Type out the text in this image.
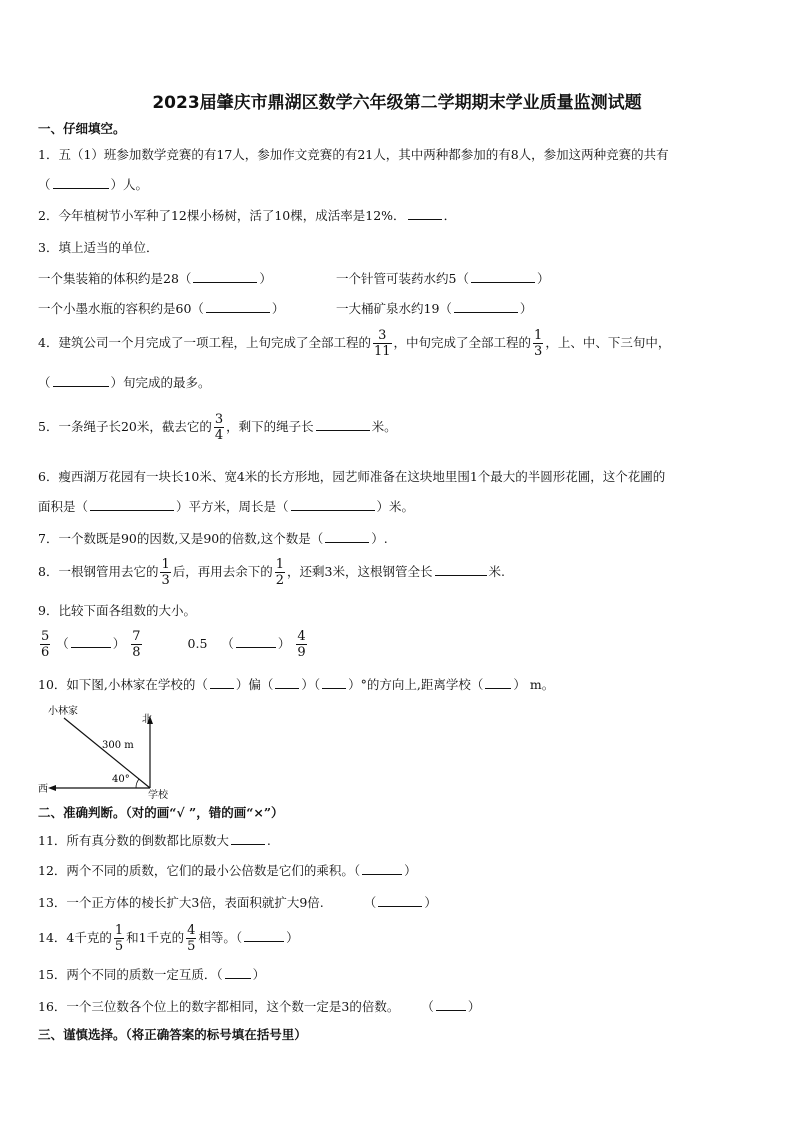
2023届肇庆市鼎湖区数学六年级第二学期期末学业质量监测试题
一、仔细填空。
1．五（1）班参加数学竞赛的有17人，参加作文竞赛的有21人，其中两种都参加的有8人，参加这两种竞赛的共有
（	）人。
2．今年植树节小军种了12棵小杨树，活了10棵，成活率是12%．	．
3．填上适当的单位．
一个集装箱的体积约是28（	）	一个针管可装药水约5（	）
一个小墨水瓶的容积约是60（	）	一大桶矿泉水约19（	）
4．建筑公司一个月完成了一项工程，上旬完成了全部工程的 $\frac{3}{11}$ ，中旬完成了全部工程的 $\frac{1}{3}$ ，上、中、下三旬中，
（	）旬完成的最多。
5．一条绳子长20米，截去它的 $\frac{3}{4}$ ，剩下的绳子长	米。
6．瘦西湖万花园有一块长10米、宽4米的长方形地，园艺师准备在这块地里围1个最大的半圆形花圃，这个花圃的
面积是（	）平方米，周长是（	）米。
7．一个数既是90的因数,又是90的倍数,这个数是（	）.
8．一根钢管用去它的 $\frac{1}{3}$ 后，再用去余下的 $\frac{1}{2}$ ，还剩3米，这根钢管全长	米.
9．比较下面各组数的大小。
$\frac{5}{6}$ （	） $\frac{7}{8}$	0.5 （	） $\frac{4}{9}$
10．如下图,小林家在学校的（ ）偏（ ）（ ）°的方向上,距离学校（ ） m。
小林家
北
300 m
40°
西
学校
二、准确判断。（对的画“√ ”，错的画“×”）
11．所有真分数的倒数都比原数大	.
12．两个不同的质数，它们的最小公倍数是它们的乘积。（	）
13．一个正方体的棱长扩大3倍，表面积就扩大9倍.	（	）
14．4千克的 $\frac{1}{5}$ 和1千克的 $\frac{4}{5}$ 相等。（	）
15．两个不同的质数一定互质．（ ）
16．一个三位数各个位上的数字都相同，这个数一定是3的倍数。 （	）
三、谨慎选择。（将正确答案的标号填在括号里）
